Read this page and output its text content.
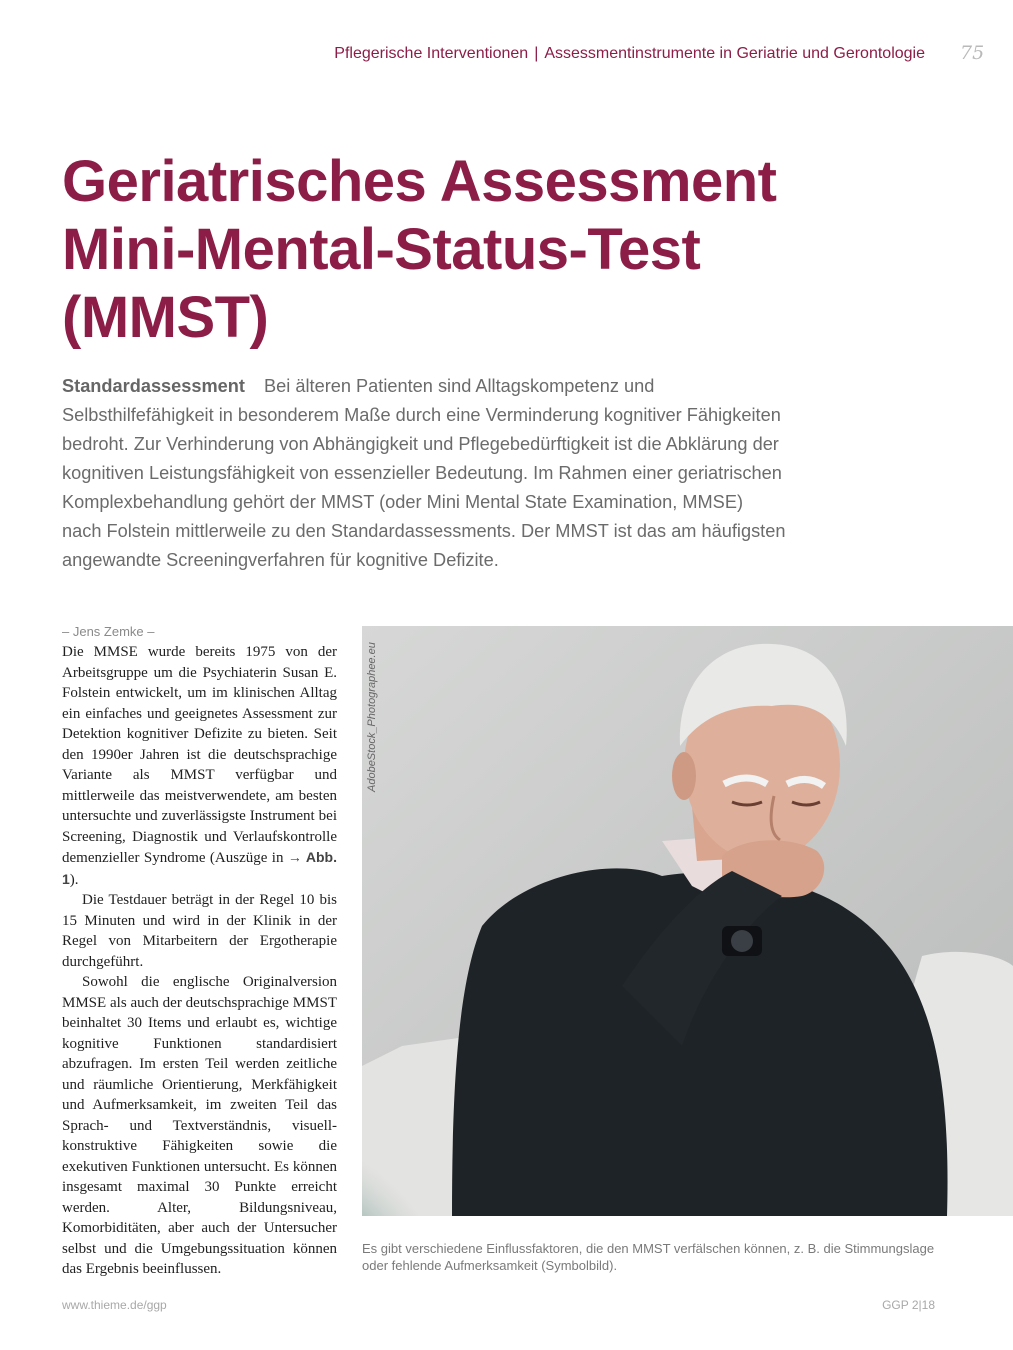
Pflegerische Interventionen | Assessmentinstrumente in Geriatrie und Gerontologie 75
Geriatrisches Assessment
Mini-Mental-Status-Test
(MMST)

Standardassessment Bei älteren Patienten sind Alltagskompetenz und Selbsthilfefähigkeit in besonderem Maße durch eine Verminderung kognitiver Fähigkeiten bedroht. Zur Verhinderung von Abhängigkeit und Pflegebedürftigkeit ist die Abklärung der kognitiven Leistungsfähigkeit von essenzieller Bedeutung. Im Rahmen einer geriatrischen Komplexbehandlung gehört der MMST (oder Mini Mental State Examination, MMSE) nach Folstein mittlerweile zu den Standardassessments. Der MMST ist das am häufigsten angewandte Screeningverfahren für kognitive Defizite.

– Jens Zemke –

Die MMSE wurde bereits 1975 von der Arbeitsgruppe um die Psychiaterin Susan E. Folstein entwickelt, um im klinischen Alltag ein einfaches und geeignetes Assessment zur Detektion kognitiver Defizite zu bieten. Seit den 1990er Jahren ist die deutschsprachige Variante als MMST verfügbar und mittlerweile das meistverwendete, am besten untersuchte und zuverlässigste Instrument bei Screening, Diagnostik und Verlaufskontrolle demenzieller Syndrome (Auszüge in → Abb. 1).

Die Testdauer beträgt in der Regel 10 bis 15 Minuten und wird in der Klinik in der Regel von Mitarbeitern der Ergotherapie durchgeführt.

Sowohl die englische Originalversion MMSE als auch der deutschsprachige MMST beinhaltet 30 Items und erlaubt es, wichtige kognitive Funktionen standardisiert abzufragen. Im ersten Teil werden zeitliche und räumliche Orientierung, Merkfähigkeit und Aufmerksamkeit, im zweiten Teil das Sprach- und Textverständnis, visuell-konstruktive Fähigkeiten sowie die exekutiven Funktionen untersucht. Es können insgesamt maximal 30 Punkte erreicht werden. Alter, Bildungsniveau, Komorbiditäten, aber auch der Untersucher selbst und die Umgebungssituation können das Ergebnis beeinflussen.

AdobeStock_Photographee.eu
Es gibt verschiedene Einflussfaktoren, die den MMST verfälschen können, z. B. die Stimmungslage oder fehlende Aufmerksamkeit (Symbolbild).
www.thieme.de/ggp	GGP 2|18
